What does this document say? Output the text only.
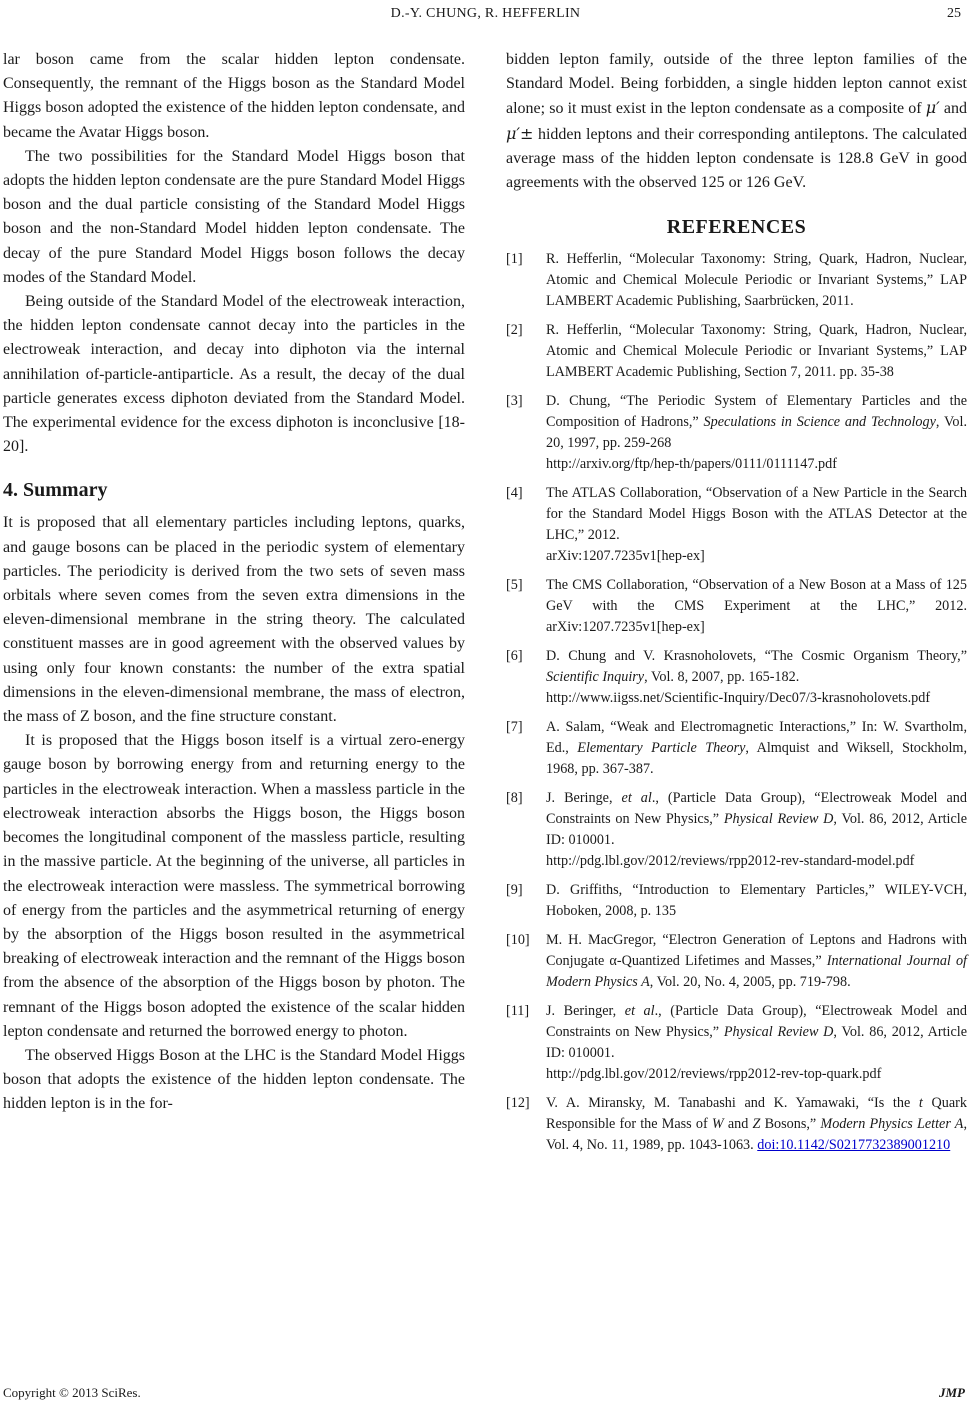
D.-Y. CHUNG, R. HEFFERLIN	25

lar boson came from the scalar hidden lepton condensate. Consequently, the remnant of the Higgs boson as the Standard Model Higgs boson adopted the existence of the hidden lepton condensate, and became the Avatar Higgs boson.

The two possibilities for the Standard Model Higgs boson that adopts the hidden lepton condensate are the pure Standard Model Higgs boson and the dual particle consisting of the Standard Model Higgs boson and the non-Standard Model hidden lepton condensate. The decay of the pure Standard Model Higgs boson follows the decay modes of the Standard Model.

Being outside of the Standard Model of the electroweak interaction, the hidden lepton condensate cannot decay into the particles in the electroweak interaction, and decay into diphoton via the internal annihilation of-particle-antiparticle. As a result, the decay of the dual particle generates excess diphoton deviated from the Standard Model. The experimental evidence for the excess diphoton is inconclusive [18-20].

4. Summary

It is proposed that all elementary particles including leptons, quarks, and gauge bosons can be placed in the periodic system of elementary particles. The periodicity is derived from the two sets of seven mass orbitals where seven comes from the seven extra dimensions in the eleven-dimensional membrane in the string theory. The calculated constituent masses are in good agreement with the observed values by using only four known constants: the number of the extra spatial dimensions in the eleven-dimensional membrane, the mass of electron, the mass of Z boson, and the fine structure constant.

It is proposed that the Higgs boson itself is a virtual zero-energy gauge boson by borrowing energy from and returning energy to the particles in the electroweak interaction. When a massless particle in the electroweak interaction absorbs the Higgs boson, the Higgs boson becomes the longitudinal component of the massless particle, resulting in the massive particle. At the beginning of the universe, all particles in the electroweak interaction were massless. The symmetrical borrowing of energy from the particles and the asymmetrical returning of energy by the absorption of the Higgs boson resulted in the asymmetrical breaking of electroweak interaction and the remnant of the Higgs boson from the absence of the absorption of the Higgs boson by photon. The remnant of the Higgs boson adopted the existence of the scalar hidden lepton condensate and returned the borrowed energy to photon.

The observed Higgs Boson at the LHC is the Standard Model Higgs boson that adopts the existence of the hidden lepton condensate. The hidden lepton is in the for-

bidden lepton family, outside of the three lepton families of the Standard Model. Being forbidden, a single hidden lepton cannot exist alone; so it must exist in the lepton condensate as a composite of μ′ and μ′± hidden leptons and their corresponding antileptons. The calculated average mass of the hidden lepton condensate is 128.8 GeV in good agreements with the observed 125 or 126 GeV.

REFERENCES
[1]	R. Hefferlin, “Molecular Taxonomy: String, Quark, Hadron, Nuclear, Atomic and Chemical Molecule Periodic or Invariant Systems,” LAP LAMBERT Academic Publishing, Saarbrücken, 2011.
[2]	R. Hefferlin, “Molecular Taxonomy: String, Quark, Hadron, Nuclear, Atomic and Chemical Molecule Periodic or Invariant Systems,” LAP LAMBERT Academic Publishing, Section 7, 2011. pp. 35-38
[3]	D. Chung, “The Periodic System of Elementary Particles and the Composition of Hadrons,” Speculations in Science and Technology, Vol. 20, 1997, pp. 259-268
http://arxiv.org/ftp/hep-th/papers/0111/0111147.pdf
[4]	The ATLAS Collaboration, “Observation of a New Particle in the Search for the Standard Model Higgs Boson with the ATLAS Detector at the LHC,” 2012.
arXiv:1207.7235v1[hep-ex]
[5]	The CMS Collaboration, “Observation of a New Boson at a Mass of 125 GeV with the CMS Experiment at the LHC,” 2012. arXiv:1207.7235v1[hep-ex]
[6]	D. Chung and V. Krasnoholovets, “The Cosmic Organism Theory,” Scientific Inquiry, Vol. 8, 2007, pp. 165-182.
http://www.iigss.net/Scientific-Inquiry/Dec07/3-krasnoholovets.pdf
[7]	A. Salam, “Weak and Electromagnetic Interactions,” In: W. Svartholm, Ed., Elementary Particle Theory, Almquist and Wiksell, Stockholm, 1968, pp. 367-387.
[8]	J. Beringe, et al., (Particle Data Group), “Electroweak Model and Constraints on New Physics,” Physical Review D, Vol. 86, 2012, Article ID: 010001.
http://pdg.lbl.gov/2012/reviews/rpp2012-rev-standard-model.pdf
[9]	D. Griffiths, “Introduction to Elementary Particles,” WILEY-VCH, Hoboken, 2008, p. 135
[10]	M. H. MacGregor, “Electron Generation of Leptons and Hadrons with Conjugate α-Quantized Lifetimes and Masses,” International Journal of Modern Physics A, Vol. 20, No. 4, 2005, pp. 719-798.
[11]	J. Beringer, et al., (Particle Data Group), “Electroweak Model and Constraints on New Physics,” Physical Review D, Vol. 86, 2012, Article ID: 010001.
http://pdg.lbl.gov/2012/reviews/rpp2012-rev-top-quark.pdf
[12]	V. A. Miransky, M. Tanabashi and K. Yamawaki, “Is the t Quark Responsible for the Mass of W and Z Bosons,” Modern Physics Letter A, Vol. 4, No. 11, 1989, pp. 1043-1063. doi:10.1142/S0217732389001210
Copyright © 2013 SciRes.	JMP
